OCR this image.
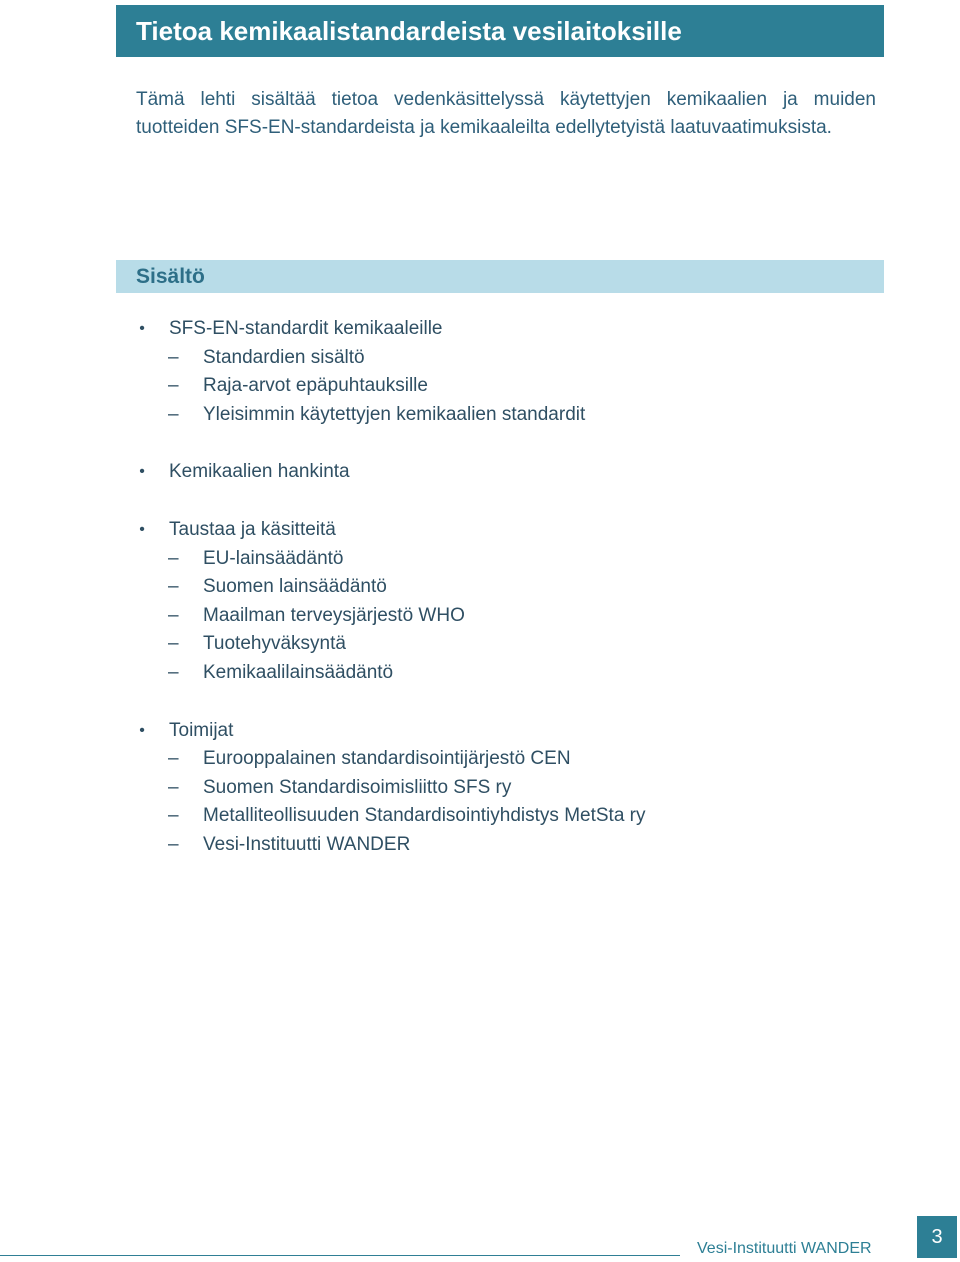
Tietoa kemikaalistandardeista vesilaitoksille

Tämä lehti sisältää tietoa vedenkäsittelyssä käytettyjen kemikaalien ja muiden tuotteiden SFS-EN-standardeista ja kemikaaleilta edellytetyistä laatuvaatimuksista.

Sisältö
• SFS-EN-standardit kemikaaleille
– Standardien sisältö
– Raja-arvot epäpuhtauksille
– Yleisimmin käytettyjen kemikaalien standardit
• Kemikaalien hankinta
• Taustaa ja käsitteitä
– EU-lainsäädäntö
– Suomen lainsäädäntö
– Maailman terveysjärjestö WHO
– Tuotehyväksyntä
– Kemikaalilainsäädäntö
• Toimijat
– Eurooppalainen standardisointijärjestö CEN
– Suomen Standardisoimisliitto SFS ry
– Metalliteollisuuden Standardisointiyhdistys MetSta ry
– Vesi-Instituutti WANDER
Vesi-Instituutti WANDER
3
